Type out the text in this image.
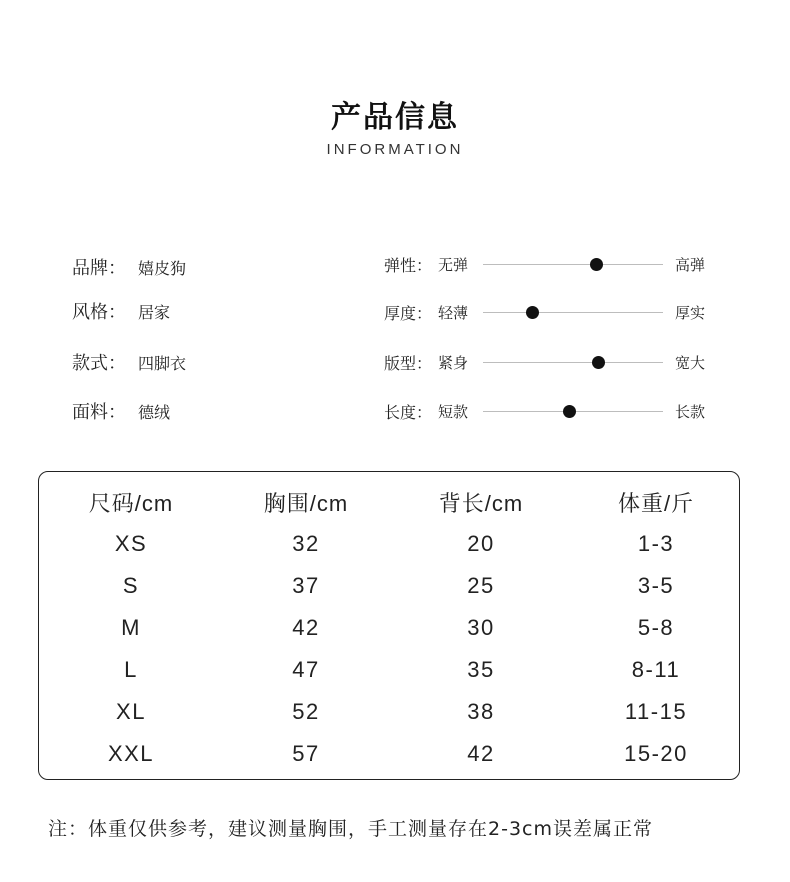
产品信息
INFORMATION
品牌： 嬉皮狗
风格： 居家
款式： 四脚衣
面料： 德绒
弹性： 无弹	高弹
厚度： 轻薄	厚实
版型： 紧身	宽大
长度： 短款	长款
尺码/cm	胸围/cm	背长/cm	体重/斤
XS	32	20	1-3
S	37	25	3-5
M	42	30	5-8
L	47	35	8-11
XL	52	38	11-15
XXL	57	42	15-20
注：体重仅供参考，建议测量胸围，手工测量存在2-3cm误差属正常
